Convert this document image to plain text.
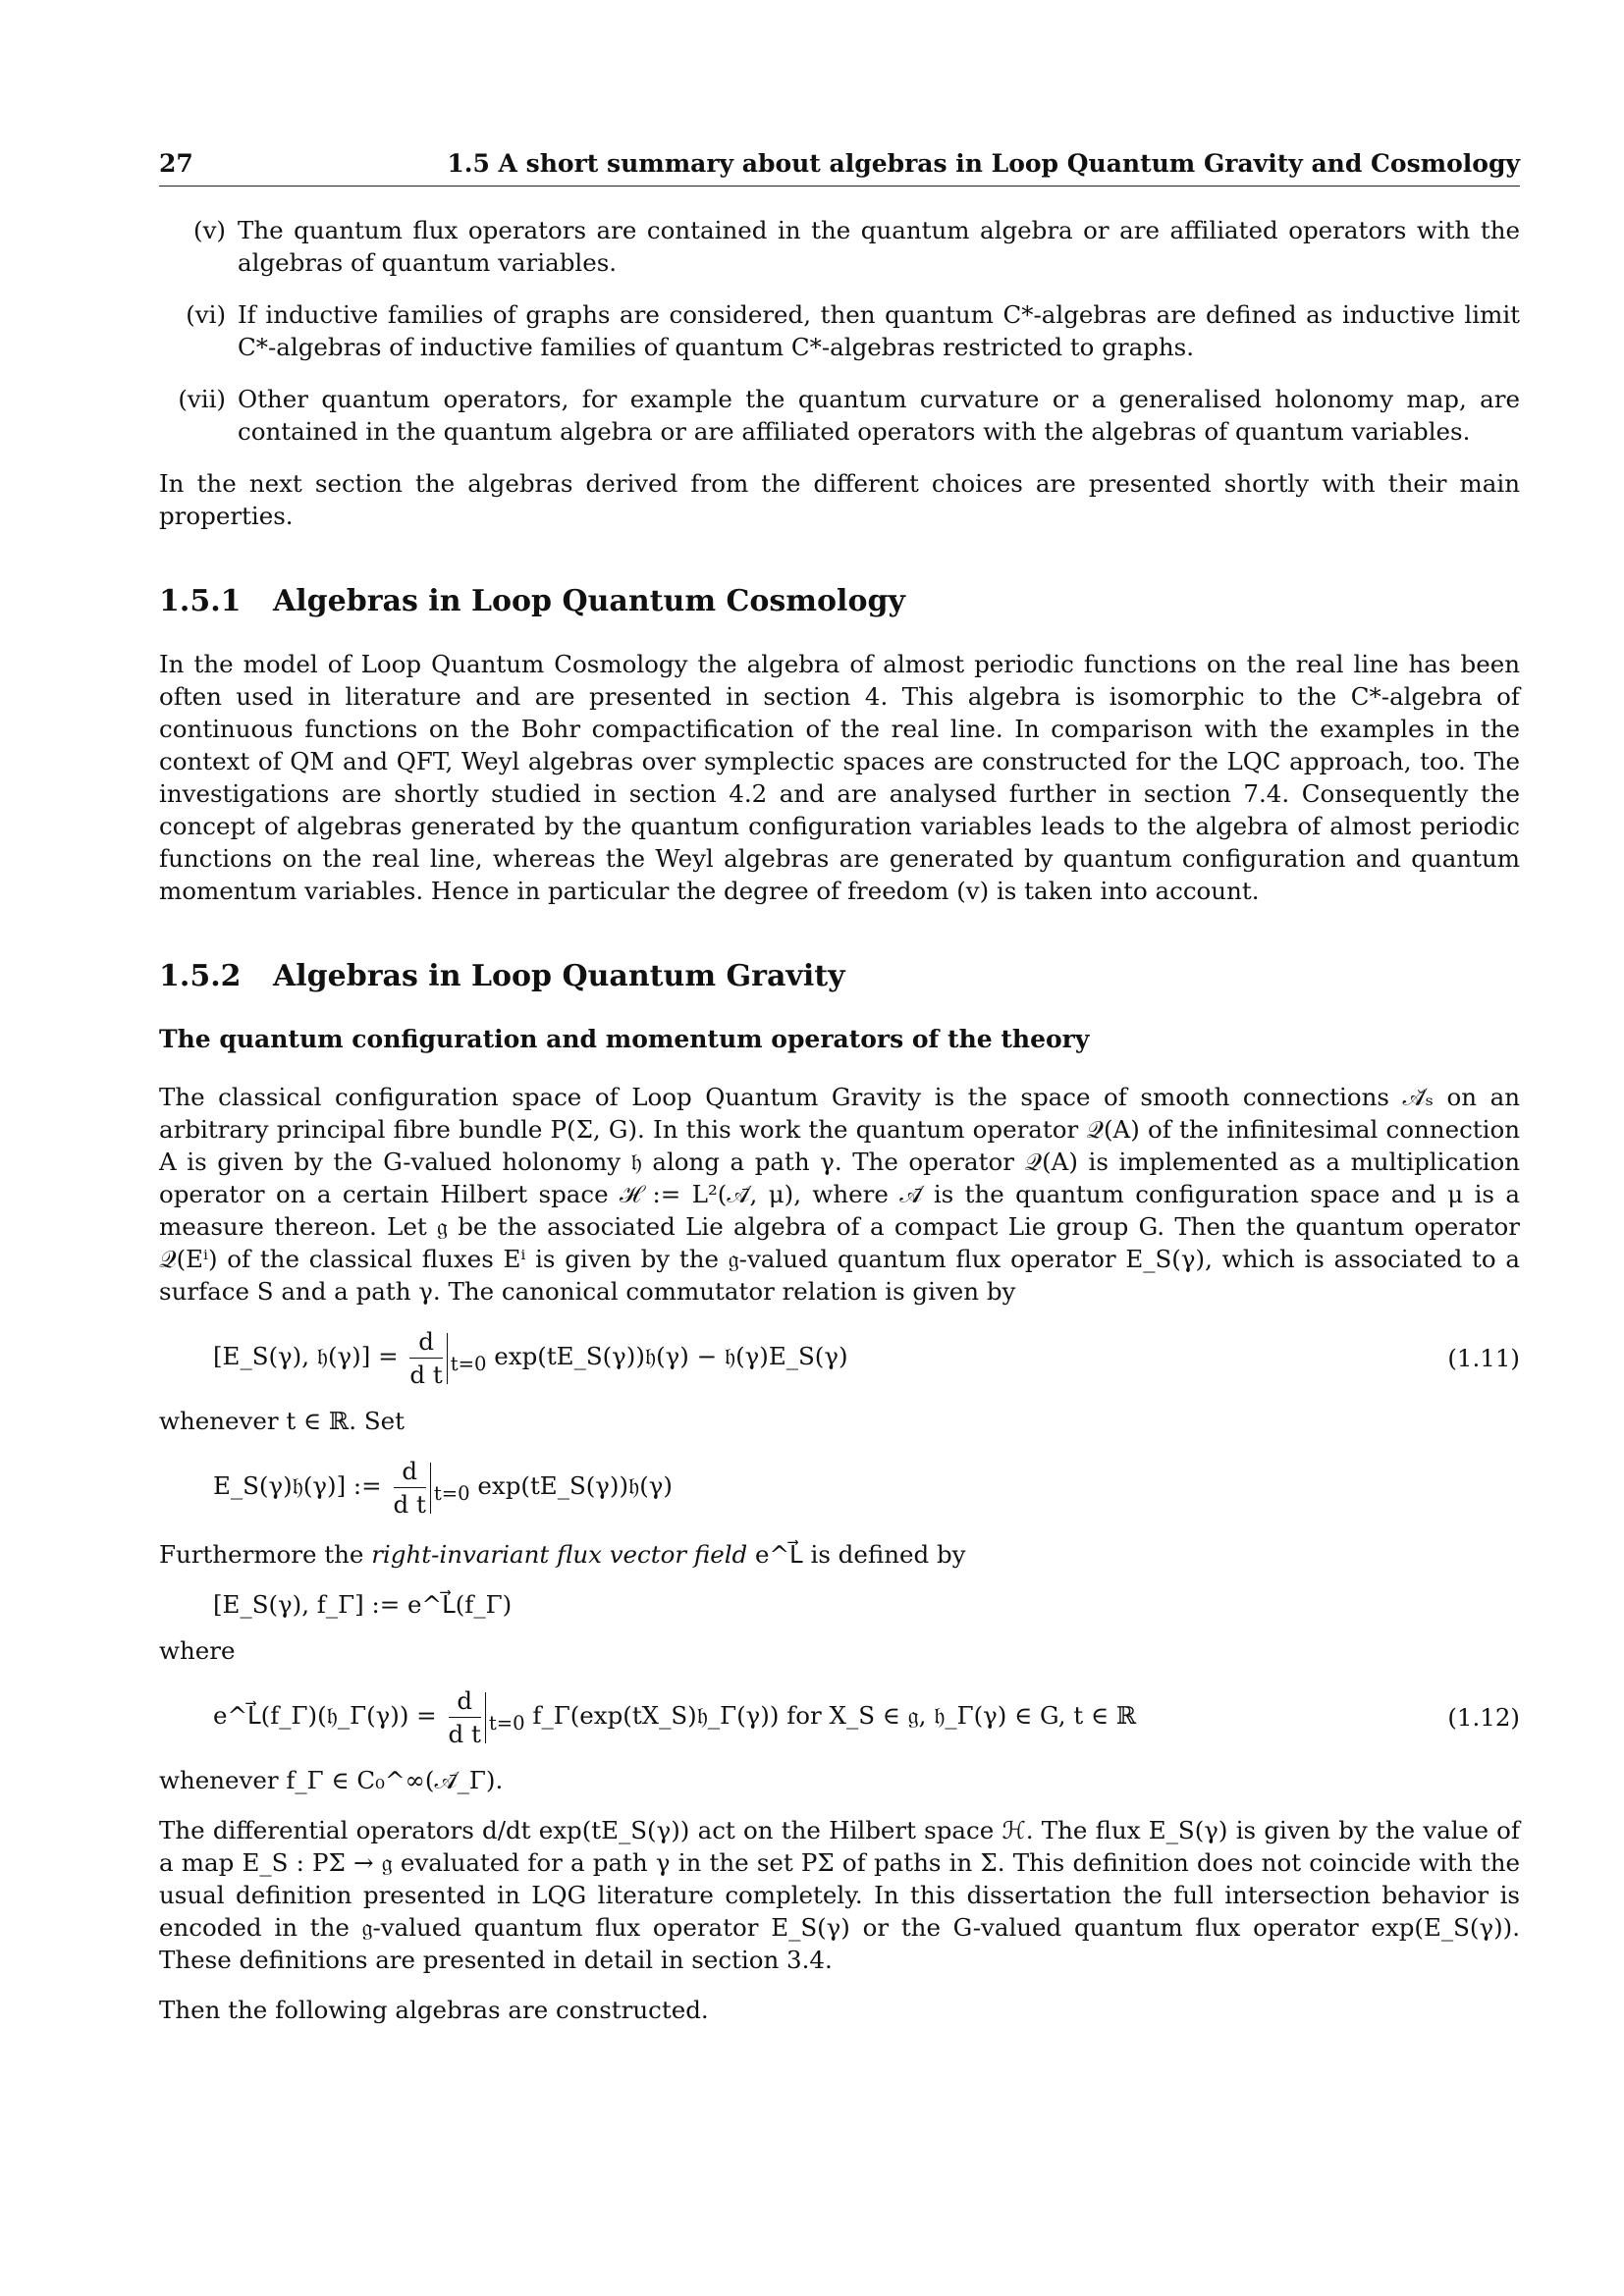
27	1.5 A short summary about algebras in Loop Quantum Gravity and Cosmology
(v) The quantum flux operators are contained in the quantum algebra or are affiliated operators with the algebras of quantum variables.
(vi) If inductive families of graphs are considered, then quantum C*-algebras are defined as inductive limit C*-algebras of inductive families of quantum C*-algebras restricted to graphs.
(vii) Other quantum operators, for example the quantum curvature or a generalised holonomy map, are contained in the quantum algebra or are affiliated operators with the algebras of quantum variables.

In the next section the algebras derived from the different choices are presented shortly with their main properties.

1.5.1 Algebras in Loop Quantum Cosmology

In the model of Loop Quantum Cosmology the algebra of almost periodic functions on the real line has been often used in literature and are presented in section 4. This algebra is isomorphic to the C*-algebra of continuous functions on the Bohr compactification of the real line. In comparison with the examples in the context of QM and QFT, Weyl algebras over symplectic spaces are constructed for the LQC approach, too. The investigations are shortly studied in section 4.2 and are analysed further in section 7.4. Consequently the concept of algebras generated by the quantum configuration variables leads to the algebra of almost periodic functions on the real line, whereas the Weyl algebras are generated by quantum configuration and quantum momentum variables. Hence in particular the degree of freedom (v) is taken into account.

1.5.2 Algebras in Loop Quantum Gravity
The quantum configuration and momentum operators of the theory

The classical configuration space of Loop Quantum Gravity is the space of smooth connections 𝒜̆ₛ on an arbitrary principal fibre bundle P(Σ, G). In this work the quantum operator 𝒬(A) of the infinitesimal connection A is given by the G-valued holonomy 𝔥 along a path γ. The operator 𝒬(A) is implemented as a multiplication operator on a certain Hilbert space ℋ := L²(𝒜̄, μ), where 𝒜̄ is the quantum configuration space and μ is a measure thereon. Let 𝔤 be the associated Lie algebra of a compact Lie group G. Then the quantum operator 𝒬(Eⁱ) of the classical fluxes Eⁱ is given by the 𝔤-valued quantum flux operator E_S(γ), which is associated to a surface S and a path γ. The canonical commutator relation is given by

[E_S(γ), 𝔥(γ)] = $\frac{d}{\text{d t}} _{t=0}$ exp(tE_S(γ))𝔥(γ) − 𝔥(γ)E_S(γ)	(1.11)

whenever t ∈ ℝ. Set

E_S(γ)𝔥(γ)] := $\frac{d}{\text{d t}} _{t=0}$ exp(tE_S(γ))𝔥(γ)

Furthermore the right-invariant flux vector field e^L⃗ is defined by

[E_S(γ), f_Γ] := e^L⃗(f_Γ)

where

e^L⃗(f_Γ)(𝔥_Γ(γ)) = $\frac{d}{\text{d t}} _{t=0}$ f_Γ(exp(tX_S)𝔥_Γ(γ)) for X_S ∈ 𝔤, 𝔥_Γ(γ) ∈ G, t ∈ ℝ	(1.12)

whenever f_Γ ∈ C₀^∞(𝒜̄_Γ).

The differential operators d/dt exp(tE_S(γ)) act on the Hilbert space ℋ. The flux E_S(γ) is given by the value of a map E_S : PΣ → 𝔤 evaluated for a path γ in the set PΣ of paths in Σ. This definition does not coincide with the usual definition presented in LQG literature completely. In this dissertation the full intersection behavior is encoded in the 𝔤-valued quantum flux operator E_S(γ) or the G-valued quantum flux operator exp(E_S(γ)). These definitions are presented in detail in section 3.4.

Then the following algebras are constructed.
